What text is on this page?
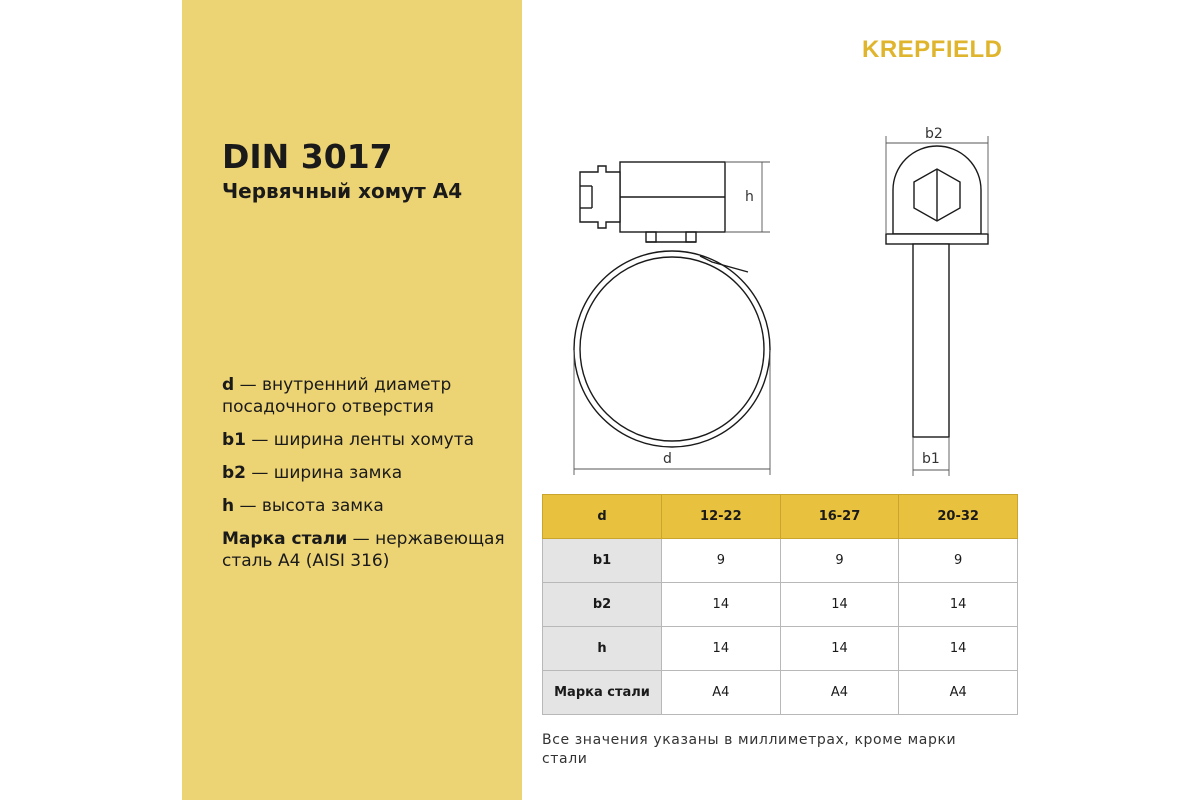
DIN 3017
Червячный хомут А4
d — внутренний диаметр посадочного отверстия
b1 — ширина ленты хомута
b2 — ширина замка
h — высота замка
Марка стали — нержавеющая сталь А4 (AISI 316)
KREPFIELD
h
d
b2
b1
d	12-22	16-27	20-32
b1	9	9	9
b2	14	14	14
h	14	14	14
Марка стали	А4	А4	А4
Все значения указаны в миллиметрах, кроме марки стали
